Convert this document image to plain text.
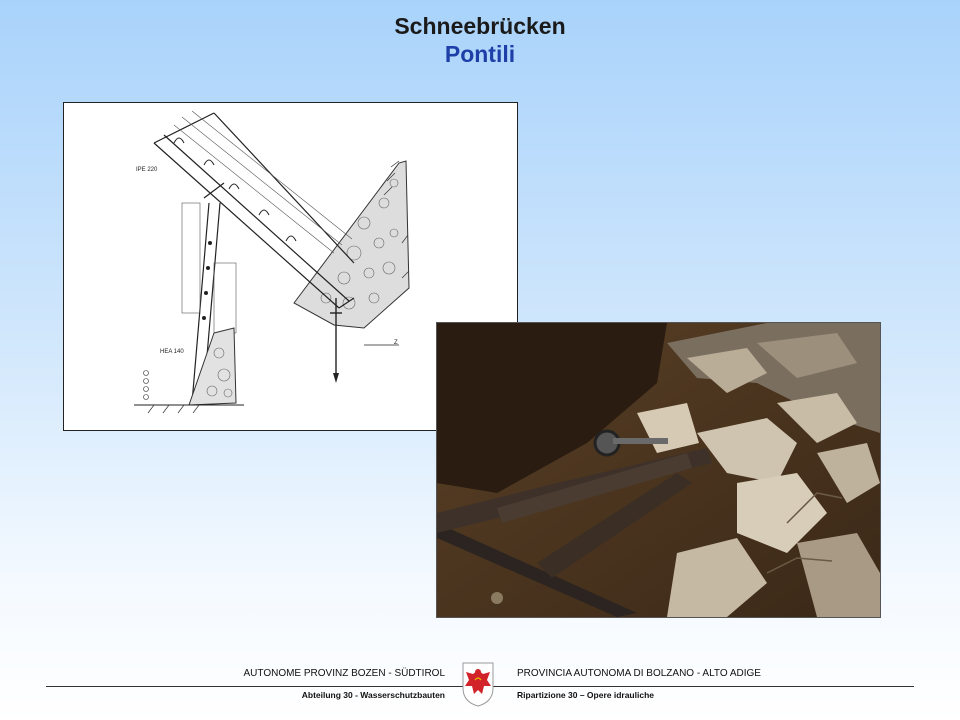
Schneebrücken
Pontili
IPE 220
HEA 140
Z
AUTONOME PROVINZ BOZEN - SÜDTIROL	PROVINCIA AUTONOMA DI BOLZANO - ALTO ADIGE
Abteilung 30 - Wasserschutzbauten	Ripartizione 30 – Opere idrauliche
